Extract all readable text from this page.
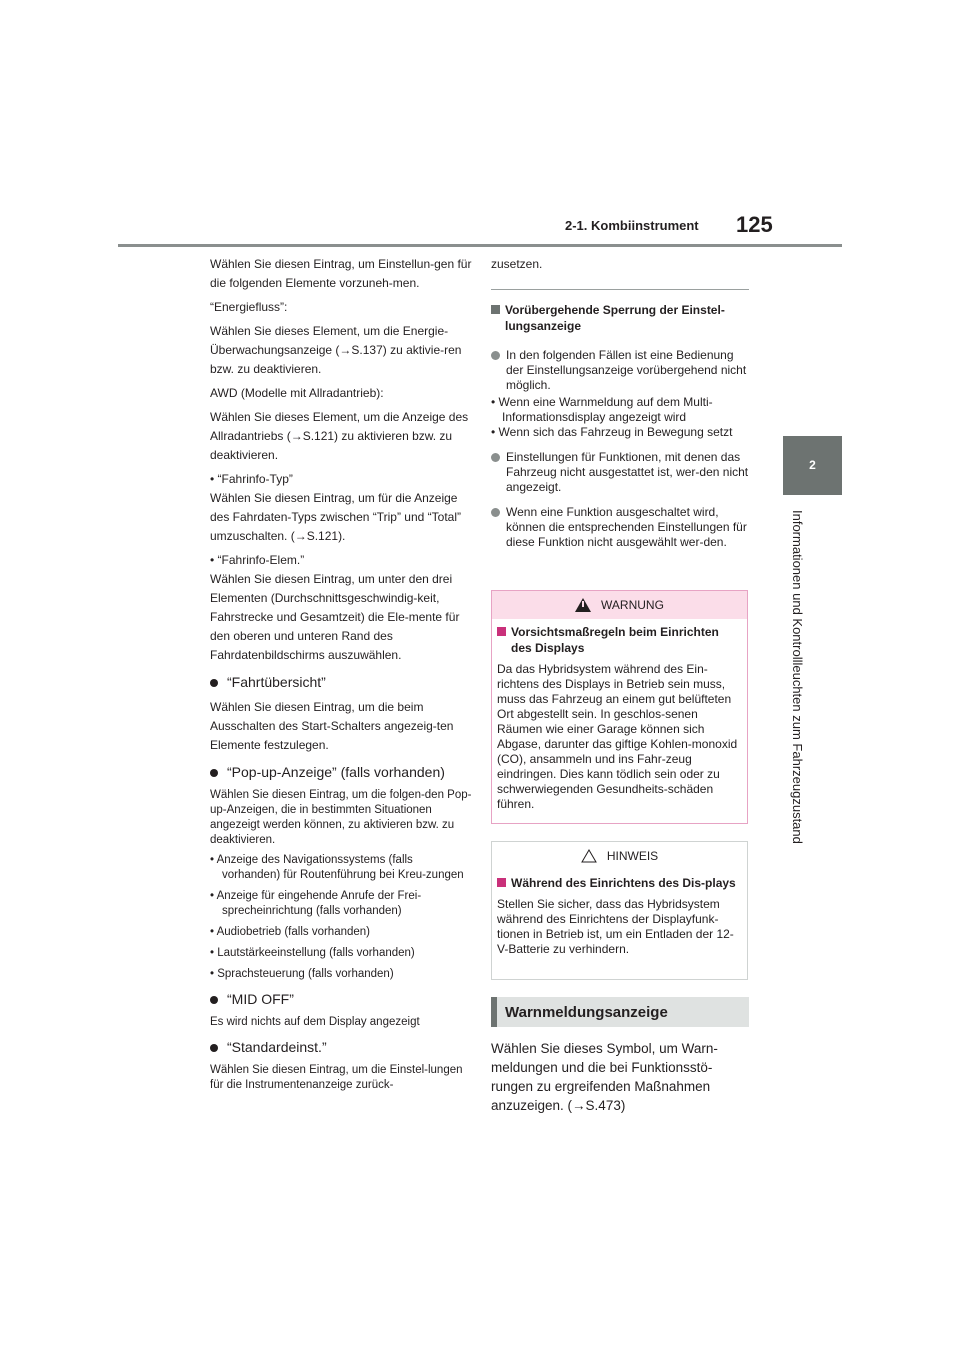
2-1. Kombiinstrument 125
2
Informationen und Kontrollleuchten zum Fahrzeugzustand

Wählen Sie diesen Eintrag, um Einstellun-gen für die folgenden Elemente vorzuneh-men.

“Energiefluss”:

Wählen Sie dieses Element, um die Energie-Überwachungsanzeige (→S.137) zu aktivie-ren bzw. zu deaktivieren.

AWD (Modelle mit Allradantrieb):

Wählen Sie dieses Element, um die Anzeige des Allradantriebs (→S.121) zu aktivieren bzw. zu deaktivieren.

• “Fahrinfo-Typ”

Wählen Sie diesen Eintrag, um für die Anzeige des Fahrdaten-Typs zwischen “Trip” und “Total” umzuschalten. (→S.121).

• “Fahrinfo-Elem.”

Wählen Sie diesen Eintrag, um unter den drei Elementen (Durchschnittsgeschwindig-keit, Fahrstrecke und Gesamtzeit) die Ele-mente für den oberen und unteren Rand des Fahrdatenbildschirms auszuwählen.

“Fahrtübersicht”

Wählen Sie diesen Eintrag, um die beim Ausschalten des Start-Schalters angezeig-ten Elemente festzulegen.

“Pop-up-Anzeige” (falls vorhanden)

Wählen Sie diesen Eintrag, um die folgen-den Pop-up-Anzeigen, die in bestimmten Situationen angezeigt werden können, zu aktivieren bzw. zu deaktivieren.

• Anzeige des Navigationssystems (falls vorhanden) für Routenführung bei Kreu-zungen

• Anzeige für eingehende Anrufe der Frei-sprecheinrichtung (falls vorhanden)

• Audiobetrieb (falls vorhanden)

• Lautstärkeeinstellung (falls vorhanden)

• Sprachsteuerung (falls vorhanden)

“MID OFF”

Es wird nichts auf dem Display angezeigt

“Standardeinst.”

Wählen Sie diesen Eintrag, um die Einstel-lungen für die Instrumentenanzeige zurück-

zusetzen.

Vorübergehende Sperrung der Einstel-lungsanzeige
In den folgenden Fällen ist eine Bedienung der Einstellungsanzeige vorübergehend nicht möglich.

• Wenn eine Warnmeldung auf dem Multi-Informationsdisplay angezeigt wird

• Wenn sich das Fahrzeug in Bewegung setzt

Einstellungen für Funktionen, mit denen das Fahrzeug nicht ausgestattet ist, wer-den nicht angezeigt.
Wenn eine Funktion ausgeschaltet wird, können die entsprechenden Einstellungen für diese Funktion nicht ausgewählt wer-den.
WARNUNG
Vorsichtsmaßregeln beim Einrichten des Displays
Da das Hybridsystem während des Ein-richtens des Displays in Betrieb sein muss, muss das Fahrzeug an einem gut belüfteten Ort abgestellt sein. In geschlos-senen Räumen wie einer Garage können sich Abgase, darunter das giftige Kohlen-monoxid (CO), ansammeln und ins Fahr-zeug eindringen. Dies kann tödlich sein oder zu schwerwiegenden Gesundheits-schäden führen.
HINWEIS
Während des Einrichtens des Dis-plays
Stellen Sie sicher, dass das Hybridsystem während des Einrichtens der Displayfunk-tionen in Betrieb ist, um ein Entladen der 12-V-Batterie zu verhindern.
Warnmeldungsanzeige
Wählen Sie dieses Symbol, um Warn-meldungen und die bei Funktionsstö-rungen zu ergreifenden Maßnahmen anzuzeigen. (→S.473)
